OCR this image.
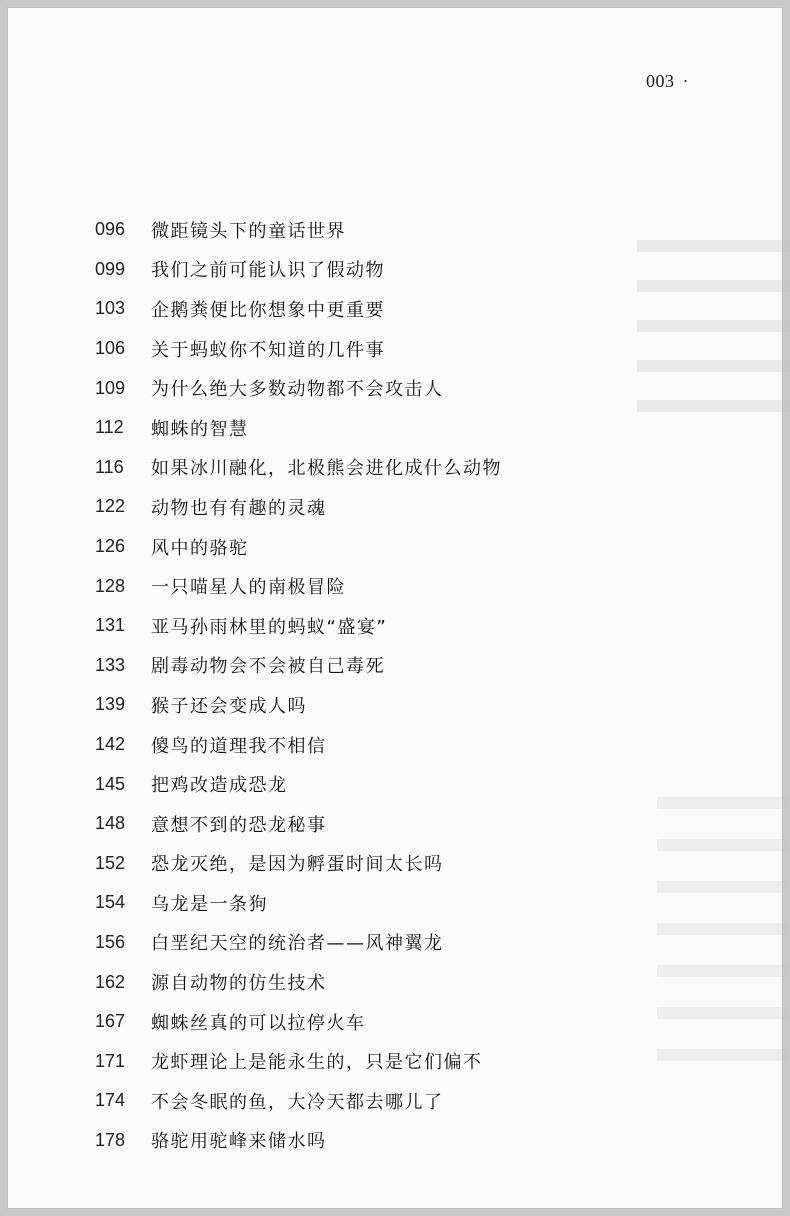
003 ·
096	微距镜头下的童话世界
099	我们之前可能认识了假动物
103	企鹅粪便比你想象中更重要
106	关于蚂蚁你不知道的几件事
109	为什么绝大多数动物都不会攻击人
112	蜘蛛的智慧
116	如果冰川融化，北极熊会进化成什么动物
122	动物也有有趣的灵魂
126	风中的骆驼
128	一只喵星人的南极冒险
131	亚马孙雨林里的蚂蚁“盛宴”
133	剧毒动物会不会被自己毒死
139	猴子还会变成人吗
142	傻鸟的道理我不相信
145	把鸡改造成恐龙
148	意想不到的恐龙秘事
152	恐龙灭绝，是因为孵蛋时间太长吗
154	乌龙是一条狗
156	白垩纪天空的统治者——风神翼龙
162	源自动物的仿生技术
167	蜘蛛丝真的可以拉停火车
171	龙虾理论上是能永生的，只是它们偏不
174	不会冬眠的鱼，大冷天都去哪儿了
178	骆驼用驼峰来储水吗
